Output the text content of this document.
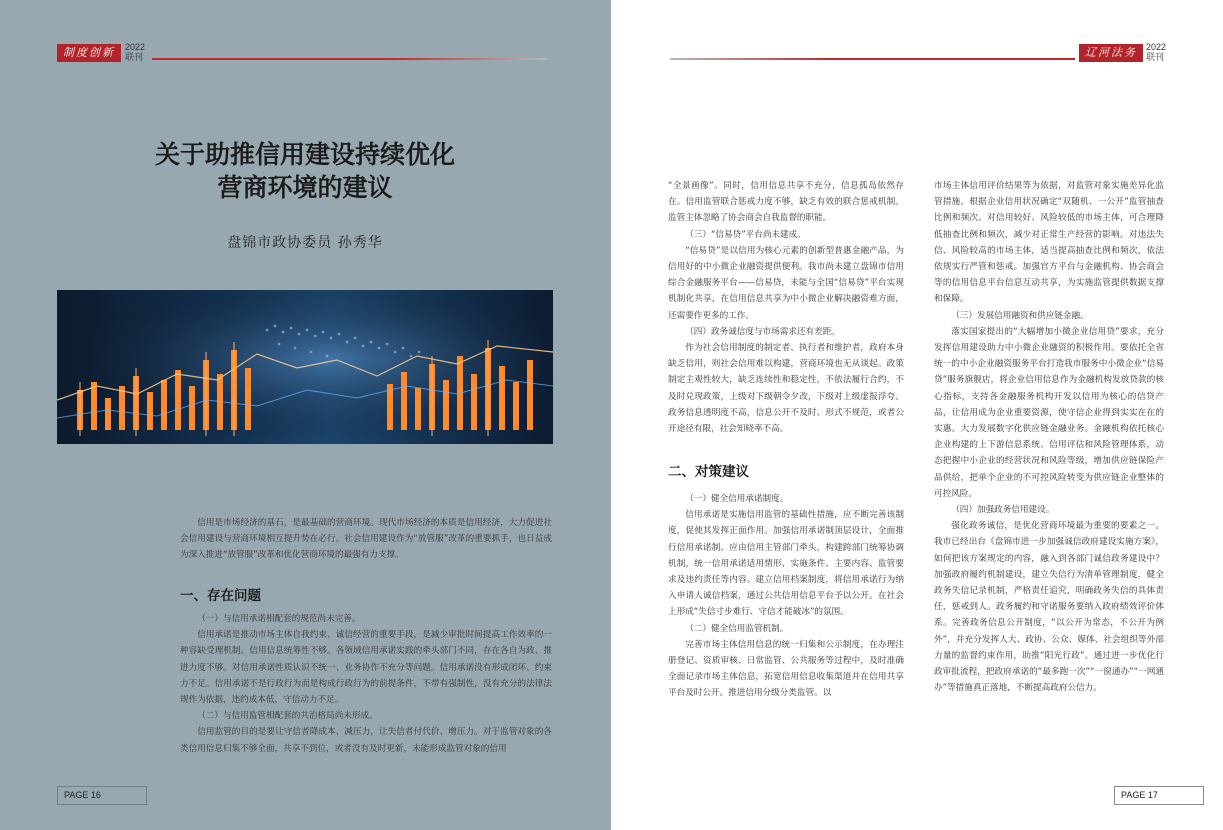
制度创新	2022
联刊
关于助推信用建设持续优化
营商环境的建议
盘锦市政协委员 孙秀华

信用是市场经济的基石，是最基础的营商环境。现代市场经济的本质是信用经济，大力促进社会信用建设与营商环境相互提升势在必行。社会信用建设作为“放管服”改革的重要抓手，也日益成为深入推进“放管服”改革和优化营商环境的最强有力支撑。

一、存在问题

（一）与信用承诺相配套的规范尚未完善。

信用承诺是推动市场主体自我约束、诚信经营的重要手段，是减少审批时间提高工作效率的一种容缺受理机制。信用信息统筹性不够。各领域信用承诺实践的牵头部门不同，存在各自为政、推进力度不够。对信用承诺性质认识不统一、业务协作不充分等问题。信用承诺没有形成闭环、约束力不足。信用承诺不是行政行为而是构成行政行为的前提条件，不带有强制性，没有充分的法律法规作为依据，违约成本低，守信动力不足。

（二）与信用监管相配套的共治格局尚未形成。

信用监管的目的是要让守信者降成本、减压力，让失信者付代价、增压力。对于监管对象的各类信用信息归集不够全面，共享不到位，或者没有及时更新，未能形成监管对象的信用

PAGE 16
辽河法务	2022
联刊

“全景画像”。同时，信用信息共享不充分，信息孤岛依然存在。信用监管联合惩戒力度不够，缺乏有效的联合惩戒机制。监管主体忽略了协会商会自我监督的职能。

（三）“信易贷”平台尚未建成。

“信易贷”是以信用为核心元素的创新型普惠金融产品，为信用好的中小微企业融资提供便利。我市尚未建立盘锦市信用综合金融服务平台——信易贷，未能与全国“信易贷”平台实现机制化共享，在信用信息共享为中小微企业解决融资难方面，还需要作更多的工作。

（四）政务诚信度与市场需求还有差距。

作为社会信用制度的制定者、执行者和维护者，政府本身缺乏信用，则社会信用难以构建，营商环境也无从谈起。政策制定主观性较大，缺乏连续性和稳定性，不依法履行合约，不及时兑现政策，上级对下级朝令夕改，下级对上级虚报浮夸。政务信息透明度不高，信息公开不及时、形式不规范，或者公开途径有限，社会知晓率不高。

二、对策建议

（一）健全信用承诺制度。

信用承诺是实施信用监管的基础性措施，应不断完善该制度，促使其发挥正面作用。加强信用承诺制顶层设计，全面推行信用承诺制。应由信用主管部门牵头，构建跨部门统筹协调机制，统一信用承诺适用情形、实施条件、主要内容、监管要求及违约责任等内容。建立信用档案制度，将信用承诺行为纳入申请人诚信档案，通过公共信用信息平台予以公开。在社会上形成“失信寸步难行、守信才能破冰”的氛围。

（二）健全信用监管机制。

完善市场主体信用信息的统一归集和公示制度，在办理注册登记、资质审核、日常监管、公共服务等过程中，及时准确全面记录市场主体信息，拓宽信用信息收集渠道并在信用共享平台及时公开。推进信用分级分类监管。以

市场主体信用评价结果等为依据，对监管对象实施差异化监管措施。根据企业信用状况确定“双随机、一公开”监管抽查比例和频次。对信用较好、风险较低的市场主体，可合理降低抽查比例和频次，减少对正常生产经营的影响。对违法失信、风险较高的市场主体，适当提高抽查比例和频次，依法依规实行严管和惩戒。加强官方平台与金融机构、协会商会等的信用信息平台信息互动共享，为实施监管提供数据支撑和保障。

（三）发展信用融资和供应链金融。

落实国家提出的“大幅增加小微企业信用贷”要求，充分发挥信用建设助力中小微企业融资的积极作用。要依托全省统一的中小企业融资服务平台打造我市服务中小微企业“信易贷”服务旗舰店，将企业信用信息作为金融机构发放贷款的核心指标，支持各金融服务机构开发以信用为核心的信贷产品，让信用成为企业重要资源，使守信企业得到实实在在的实惠。大力发展数字化供应链金融业务。金融机构依托核心企业构建的上下游信息系统、信用评估和风险管理体系，动态把握中小企业的经营状况和风险等级，增加供应链保险产品供给，把单个企业的不可控风险转变为供应链企业整体的可控风险。

（四）加强政务信用建设。

强化政务诚信，是优化营商环境最为重要的要素之一。我市已经出台《盘锦市进一步加强诚信政府建设实施方案》，如何把该方案规定的内容，融入到各部门诚信政务建设中？加强政府履约机制建设，建立失信行为清单管理制度，健全政务失信记录机制，严格责任追究，明确政务失信的具体责任，惩戒到人。政务履约和守诺服务要纳入政府绩效评价体系。完善政务信息公开制度，“以公开为常态，不公开为例外”，并充分发挥人大、政协、公众、媒体、社会组织等外部力量的监督约束作用，助推“阳光行政”。通过进一步优化行政审批流程，把政府承诺的“最多跑一次”“一窗通办”“一网通办”等措施真正落地，不断提高政府公信力。

PAGE 17
